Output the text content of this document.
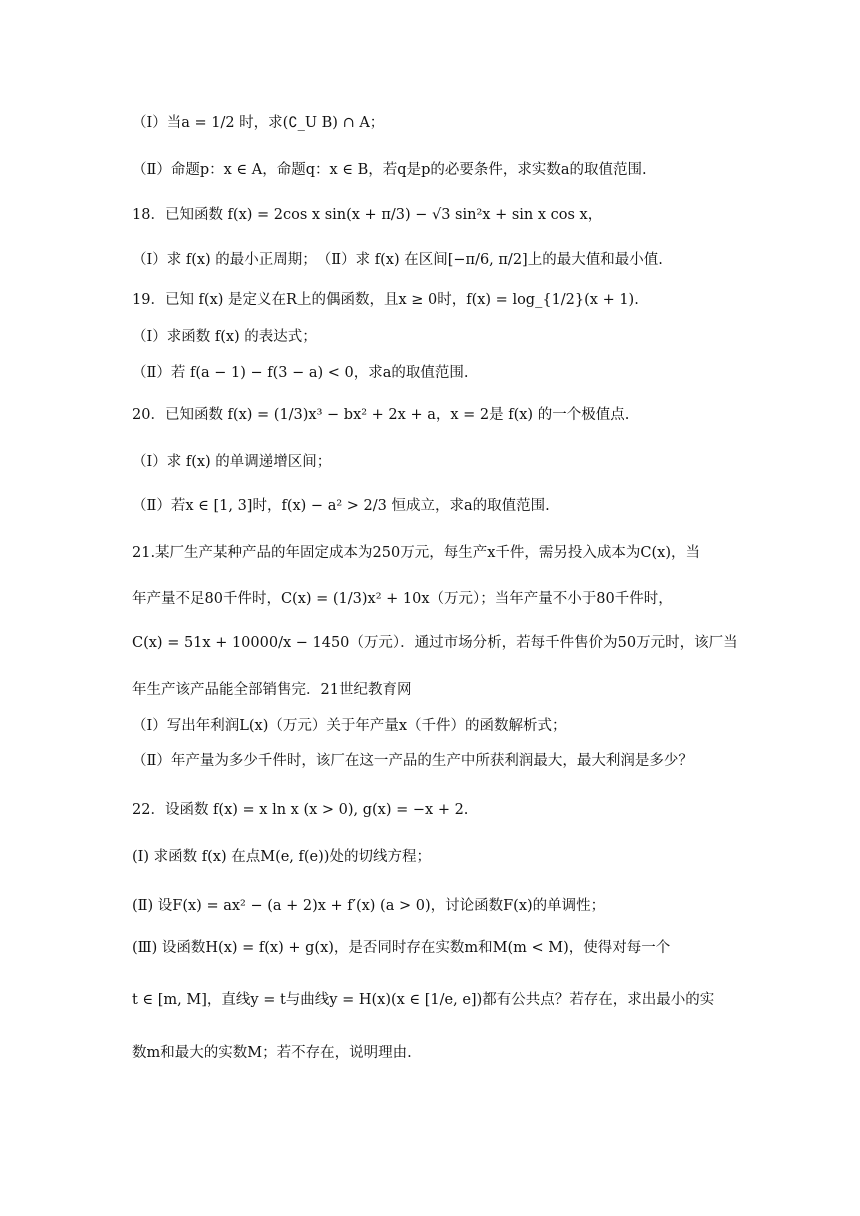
（Ⅰ）当a = 1/2 时，求(∁_U B) ∩ A；
（Ⅱ）命题p：x ∈ A，命题q：x ∈ B，若q是p的必要条件，求实数a的取值范围.
18．已知函数 f(x) = 2cos x sin(x + π/3) − √3 sin²x + sin x cos x，
（Ⅰ）求 f(x) 的最小正周期；　（Ⅱ）求 f(x) 在区间[−π/6, π/2]上的最大值和最小值.
19．已知 f(x) 是定义在R上的偶函数，且x ≥ 0时，f(x) = log_{1/2}(x + 1).
（Ⅰ）求函数 f(x) 的表达式；
（Ⅱ）若 f(a − 1) − f(3 − a) < 0，求a的取值范围.
20．已知函数 f(x) = (1/3)x³ − bx² + 2x + a，x = 2是 f(x) 的一个极值点.
（Ⅰ）求 f(x) 的单调递增区间；
（Ⅱ）若x ∈ [1, 3]时，f(x) − a² > 2/3 恒成立，求a的取值范围.
21.某厂生产某种产品的年固定成本为250万元，每生产x千件，需另投入成本为C(x)，当
年产量不足80千件时，C(x) = (1/3)x² + 10x（万元）；当年产量不小于80千件时，
C(x) = 51x + 10000/x − 1450（万元）．通过市场分析，若每千件售价为50万元时，该厂当
年生产该产品能全部销售完．21世纪教育网
（Ⅰ）写出年利润L(x)（万元）关于年产量x（千件）的函数解析式；
（Ⅱ）年产量为多少千件时，该厂在这一产品的生产中所获利润最大，最大利润是多少？
22．设函数 f(x) = x ln x (x > 0), g(x) = −x + 2.
(Ⅰ) 求函数 f(x) 在点M(e, f(e))处的切线方程；
(Ⅱ) 设F(x) = ax² − (a + 2)x + f′(x) (a > 0)，讨论函数F(x)的单调性；
(Ⅲ) 设函数H(x) = f(x) + g(x)，是否同时存在实数m和M(m < M)，使得对每一个
t ∈ [m, M]，直线y = t与曲线y = H(x)(x ∈ [1/e, e])都有公共点？若存在，求出最小的实
数m和最大的实数M；若不存在，说明理由.
